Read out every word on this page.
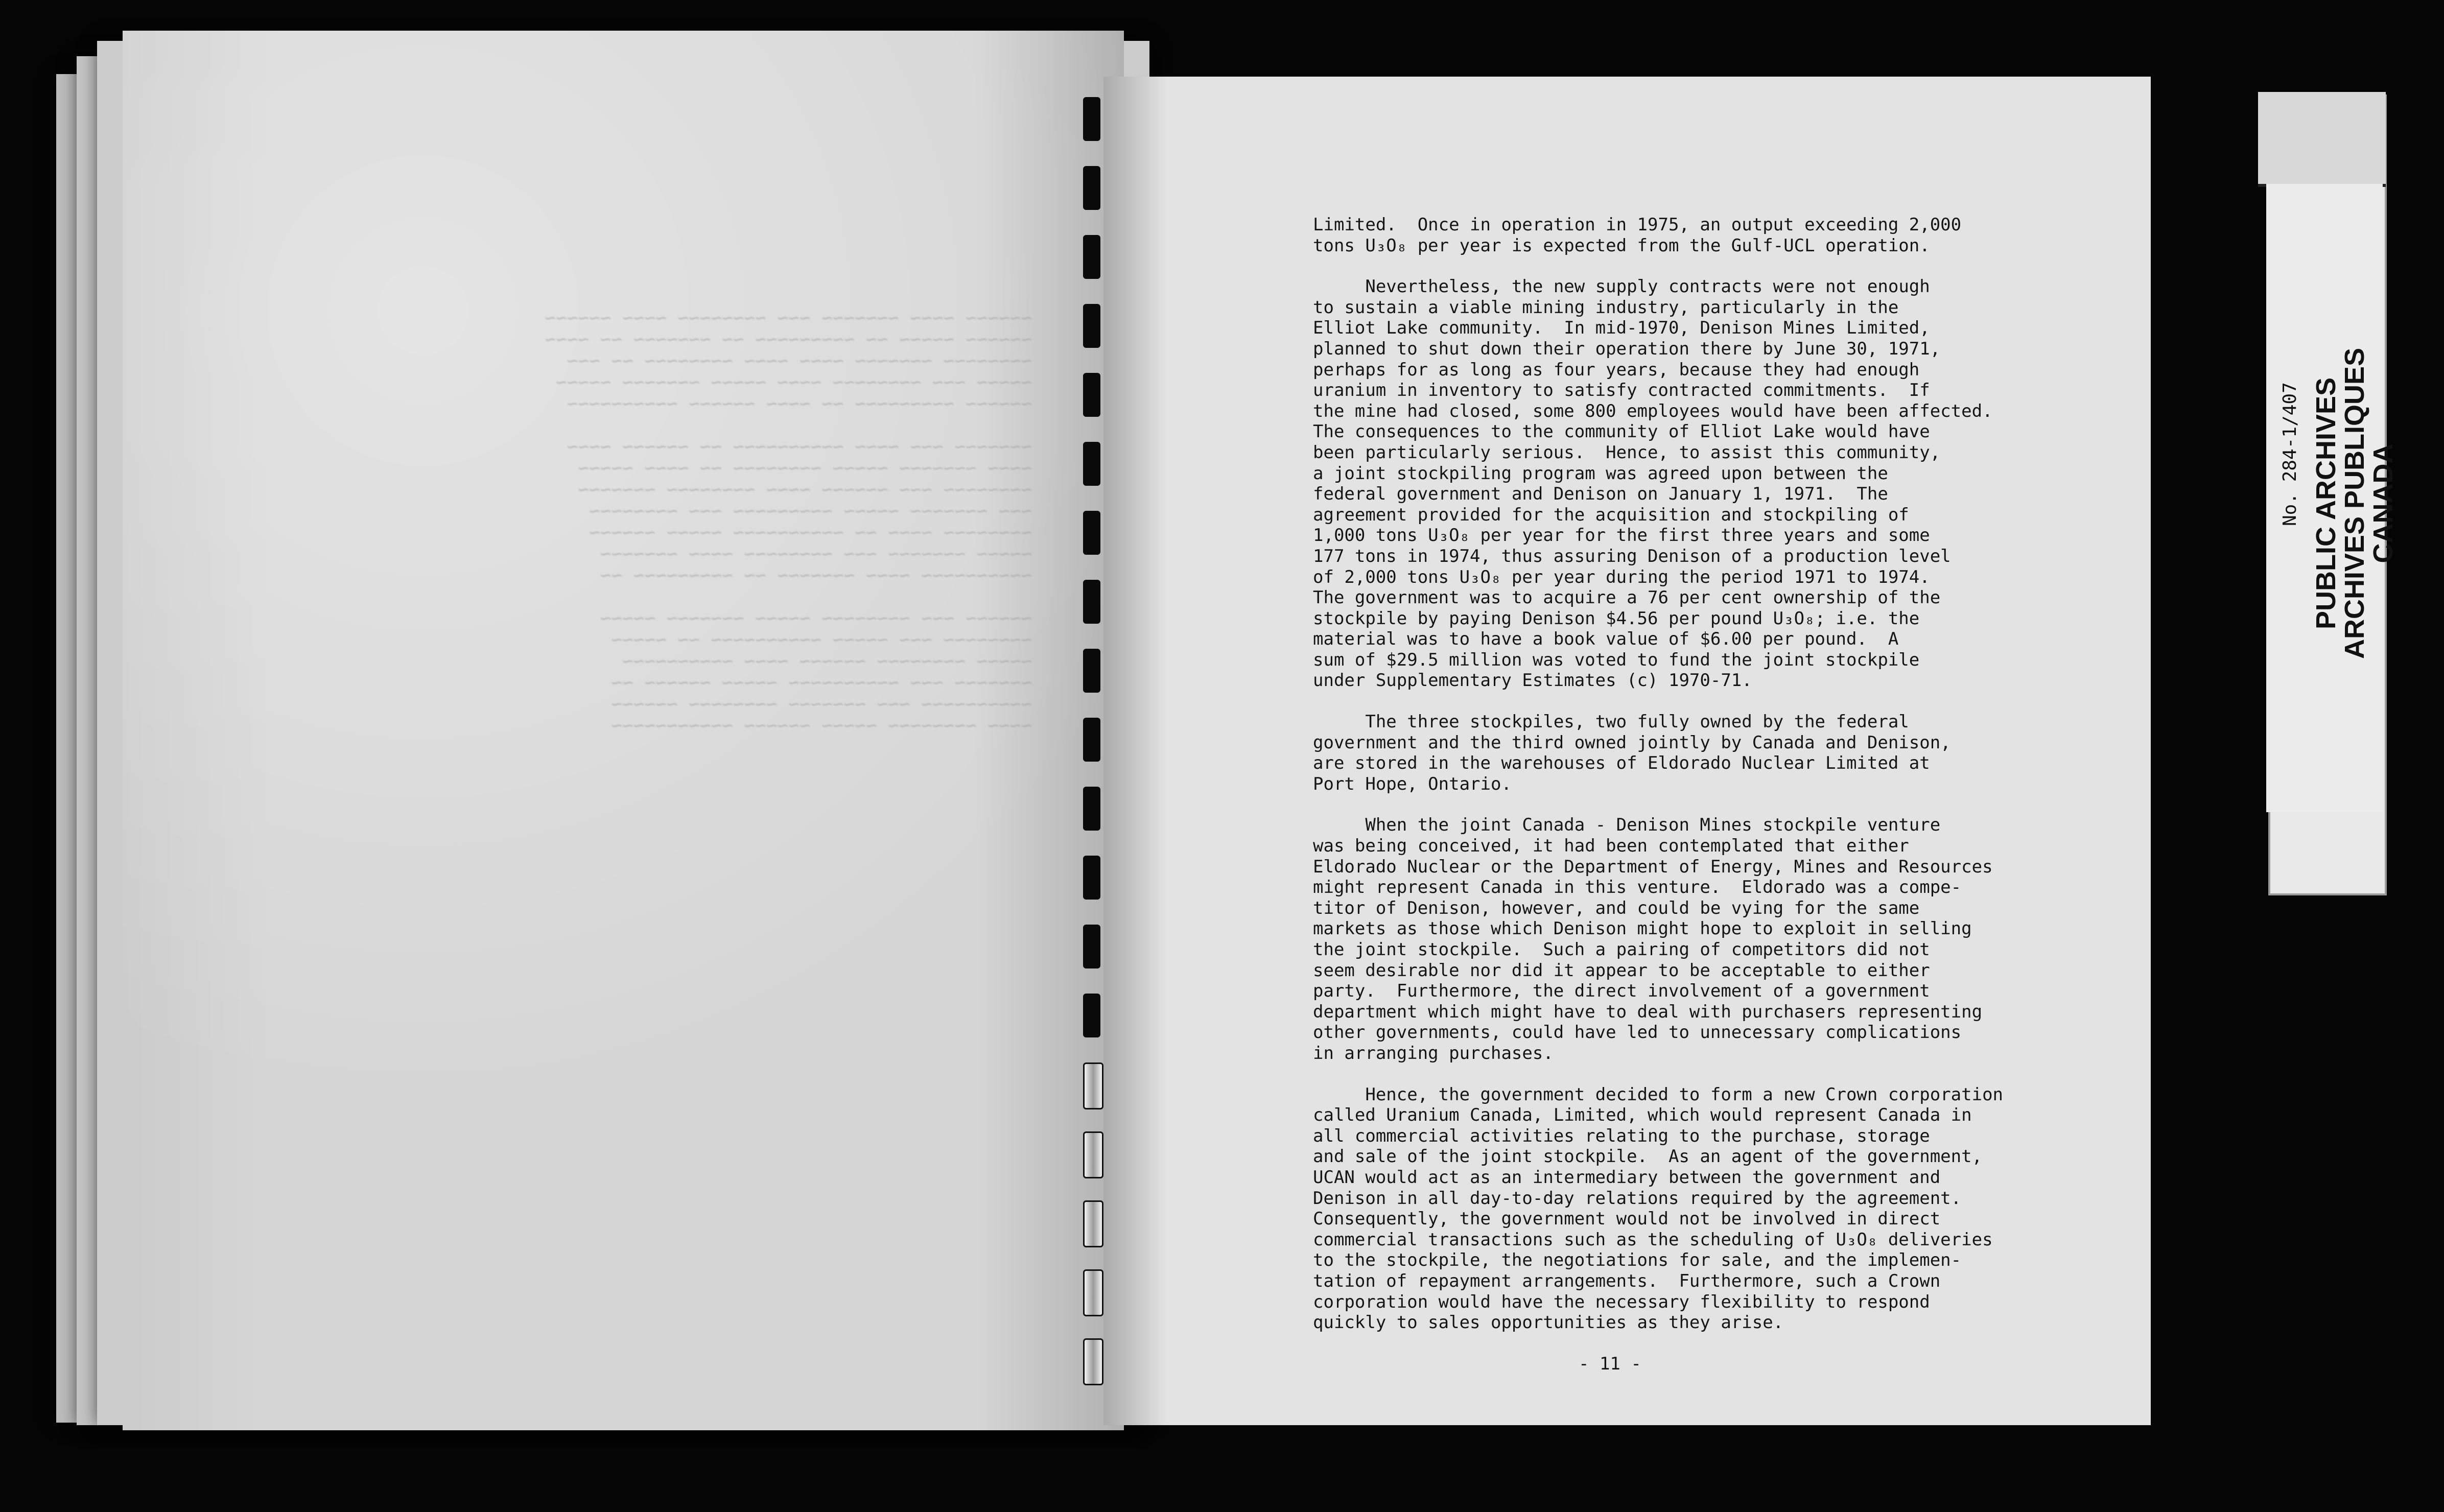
~~~~~~ ~~~~ ~~~~~~~ ~~~ ~~~~~~~~ ~~~~ ~~~~~~
~~~~~~ ~~~~~ ~~ ~~~~~~~~~ ~~ ~~~~~~~ ~~ ~~~~
~~~~~~~~ ~~~~~~~ ~~~~ ~~~~ ~~~~~~~~ ~~ ~~~
~~~~~ ~~~ ~~~~~~~~ ~~~~ ~~~~~ ~~~~~~~ ~~~~~
~~~~~~ ~~~~~~~~~ ~~ ~~~~ ~~~~~~ ~~~~~~~~~~

~~~~~~~ ~~~ ~~~~ ~~~~~~~~~~ ~~ ~~~~~~ ~~~~
~~~~ ~~~~~~~ ~~~~~ ~~~~~~~~ ~~ ~~~~ ~~~~~
~~~~~~~~ ~~~ ~~~~~~ ~~~~ ~~~~~~~~ ~~~~~~~
~~~ ~~~~~~~ ~~~~~ ~~~~~~~~~ ~~~ ~~~~~~~~
~~~~~~~~ ~~~~ ~~ ~~~~~~~~~~ ~~~~~ ~~~~~~
~~~~~ ~~~~~~~ ~~~ ~~~~~~~~ ~~~~ ~~~~~~~
~~~~~~~~~~ ~~~~ ~~~~~~~ ~~ ~~~~~~~~~ ~~

~~~~~~ ~~~ ~~~~~~~~ ~~~~~ ~~~~~~~ ~~~~~
~~~~~~~~ ~~~ ~~~~~ ~~~~~~~~~~ ~~ ~~~~~
~~~~~ ~~~~~~~~ ~~~~~~ ~~~~ ~~~~~~~~~~
~~~~~~~ ~~~ ~~~~~~~~~~ ~~~~~ ~~~~~~ ~~
~~~~~~~~~~ ~~~ ~~~~~~~ ~~~~~~~~ ~~~~~~
~~~~ ~~~~~~~~ ~~~~~ ~~~~~~ ~~~~~~~~~~~

Limited.  Once in operation in 1975, an output exceeding 2,000
tons U₃O₈ per year is expected from the Gulf-UCL operation.

Nevertheless, the new supply contracts were not enough
to sustain a viable mining industry, particularly in the
Elliot Lake community.  In mid-1970, Denison Mines Limited,
planned to shut down their operation there by June 30, 1971,
perhaps for as long as four years, because they had enough
uranium in inventory to satisfy contracted commitments.  If
the mine had closed, some 800 employees would have been affected.
The consequences to the community of Elliot Lake would have
been particularly serious.  Hence, to assist this community,
a joint stockpiling program was agreed upon between the
federal government and Denison on January 1, 1971.  The
agreement provided for the acquisition and stockpiling of
1,000 tons U₃O₈ per year for the first three years and some
177 tons in 1974, thus assuring Denison of a production level
of 2,000 tons U₃O₈ per year during the period 1971 to 1974.
The government was to acquire a 76 per cent ownership of the
stockpile by paying Denison $4.56 per pound U₃O₈; i.e. the
material was to have a book value of $6.00 per pound.  A
sum of $29.5 million was voted to fund the joint stockpile
under Supplementary Estimates (c) 1970-71.

The three stockpiles, two fully owned by the federal
government and the third owned jointly by Canada and Denison,
are stored in the warehouses of Eldorado Nuclear Limited at
Port Hope, Ontario.

When the joint Canada - Denison Mines stockpile venture
was being conceived, it had been contemplated that either
Eldorado Nuclear or the Department of Energy, Mines and Resources
might represent Canada in this venture.  Eldorado was a compe-
titor of Denison, however, and could be vying for the same
markets as those which Denison might hope to exploit in selling
the joint stockpile.  Such a pairing of competitors did not
seem desirable nor did it appear to be acceptable to either
party.  Furthermore, the direct involvement of a government
department which might have to deal with purchasers representing
other governments, could have led to unnecessary complications
in arranging purchases.

Hence, the government decided to form a new Crown corporation
called Uranium Canada, Limited, which would represent Canada in
all commercial activities relating to the purchase, storage
and sale of the joint stockpile.  As an agent of the government,
UCAN would act as an intermediary between the government and
Denison in all day-to-day relations required by the agreement.
Consequently, the government would not be involved in direct
commercial transactions such as the scheduling of U₃O₈ deliveries
to the stockpile, the negotiations for sale, and the implemen-
tation of repayment arrangements.  Furthermore, such a Crown
corporation would have the necessary flexibility to respond
quickly to sales opportunities as they arise.

- 11 -
No. 284-1/407 PUBLIC ARCHIVES
ARCHIVES PUBLIQUES
CANADA
